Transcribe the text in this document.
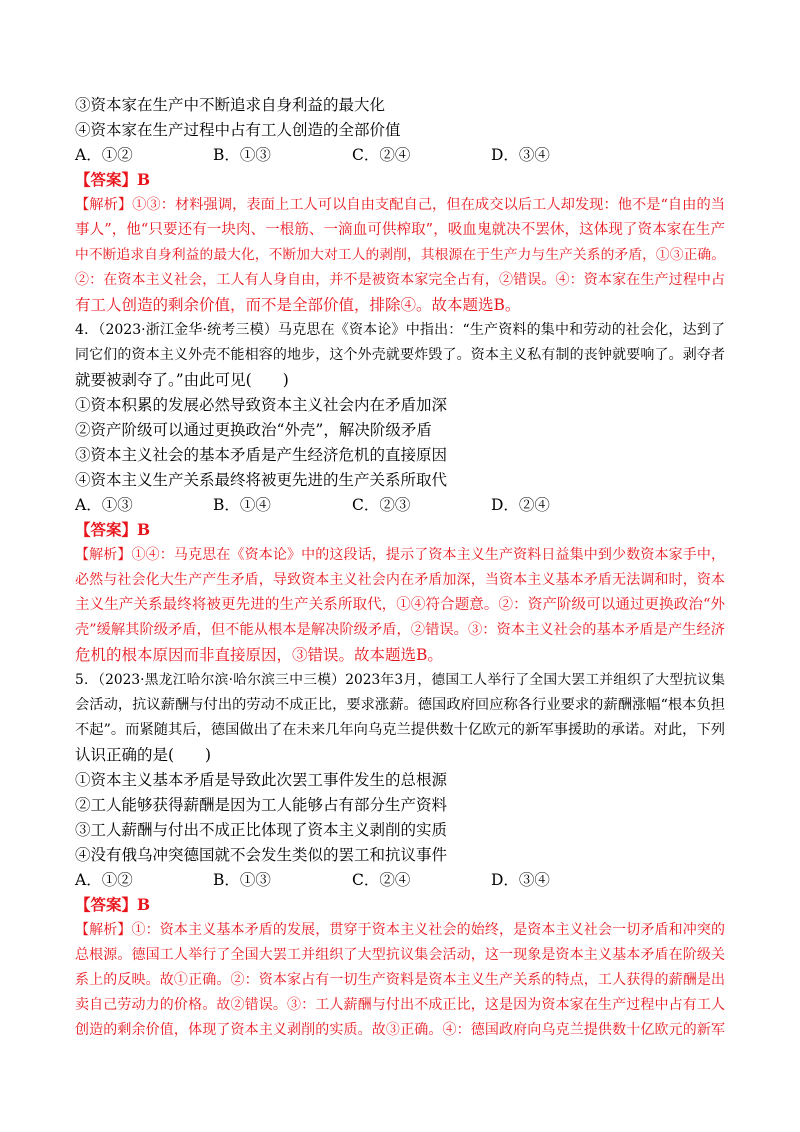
③资本家在生产中不断追求自身利益的最大化
④资本家在生产过程中占有工人创造的全部价值
A．①②	B．①③	C．②④	D．③④
【答案】B
【解析】①③：材料强调，表面上工人可以自由支配自己，但在成交以后工人却发现：他不是“自由的当
事人”，他“只要还有一块肉、一根筋、一滴血可供榨取”，吸血鬼就决不罢休，这体现了资本家在生产
中不断追求自身利益的最大化，不断加大对工人的剥削，其根源在于生产力与生产关系的矛盾，①③正确。
②：在资本主义社会，工人有人身自由，并不是被资本家完全占有，②错误。④：资本家在生产过程中占
有工人创造的剩余价值，而不是全部价值，排除④。故本题选B。
4．（2023·浙江金华·统考三模）马克思在《资本论》中指出：“生产资料的集中和劳动的社会化，达到了
同它们的资本主义外壳不能相容的地步，这个外壳就要炸毁了。资本主义私有制的丧钟就要响了。剥夺者
就要被剥夺了。”由此可见(　　)
①资本积累的发展必然导致资本主义社会内在矛盾加深
②资产阶级可以通过更换政治“外壳”，解决阶级矛盾
③资本主义社会的基本矛盾是产生经济危机的直接原因
④资本主义生产关系最终将被更先进的生产关系所取代
A．①③	B．①④	C．②③	D．②④
【答案】B
【解析】①④：马克思在《资本论》中的这段话，提示了资本主义生产资料日益集中到少数资本家手中，
必然与社会化大生产产生矛盾，导致资本主义社会内在矛盾加深，当资本主义基本矛盾无法调和时，资本
主义生产关系最终将被更先进的生产关系所取代，①④符合题意。②：资产阶级可以通过更换政治“外
壳”缓解其阶级矛盾，但不能从根本是解决阶级矛盾，②错误。③：资本主义社会的基本矛盾是产生经济
危机的根本原因而非直接原因，③错误。故本题选B。
5．（2023·黑龙江哈尔滨·哈尔滨三中三模）2023年3月，德国工人举行了全国大罢工并组织了大型抗议集
会活动，抗议薪酬与付出的劳动不成正比，要求涨薪。德国政府回应称各行业要求的薪酬涨幅“根本负担
不起”。而紧随其后，德国做出了在未来几年向乌克兰提供数十亿欧元的新军事援助的承诺。对此，下列
认识正确的是(　　)
①资本主义基本矛盾是导致此次罢工事件发生的总根源
②工人能够获得薪酬是因为工人能够占有部分生产资料
③工人薪酬与付出不成正比体现了资本主义剥削的实质
④没有俄乌冲突德国就不会发生类似的罢工和抗议事件
A．①②	B．①③	C．②④	D．③④
【答案】B
【解析】①：资本主义基本矛盾的发展，贯穿于资本主义社会的始终，是资本主义社会一切矛盾和冲突的
总根源。德国工人举行了全国大罢工并组织了大型抗议集会活动，这一现象是资本主义基本矛盾在阶级关
系上的反映。故①正确。②：资本家占有一切生产资料是资本主义生产关系的特点，工人获得的薪酬是出
卖自己劳动力的价格。故②错误。③：工人薪酬与付出不成正比，这是因为资本家在生产过程中占有工人
创造的剩余价值，体现了资本主义剥削的实质。故③正确。④：德国政府向乌克兰提供数十亿欧元的新军
